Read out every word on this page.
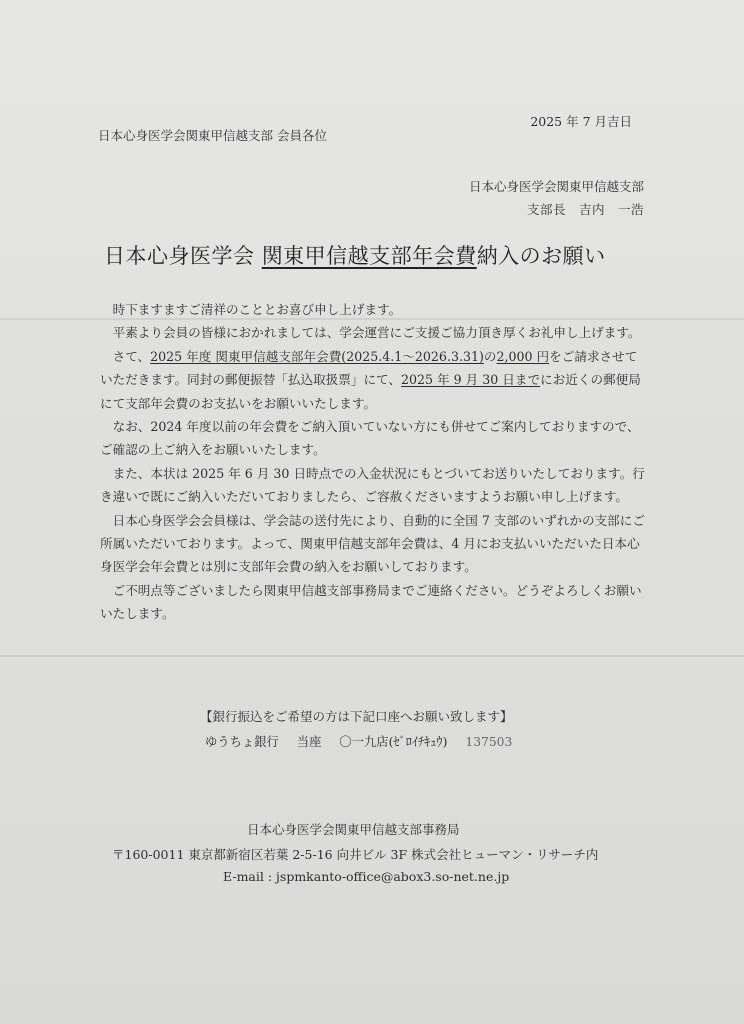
2025 年 7 月吉日
日本心身医学会関東甲信越支部 会員各位
日本心身医学会関東甲信越支部
支部長　吉内　一浩
日本心身医学会 関東甲信越支部年会費納入のお願い

時下ますますご清祥のこととお喜び申し上げます。

平素より会員の皆様におかれましては、学会運営にご支援ご協力頂き厚くお礼申し上げます。

さて、2025 年度 関東甲信越支部年会費(2025.4.1～2026.3.31)の2,000 円をご請求させていただきます。同封の郵便振替「払込取扱票」にて、2025 年 9 月 30 日までにお近くの郵便局にて支部年会費のお支払いをお願いいたします。

なお、2024 年度以前の年会費をご納入頂いていない方にも併せてご案内しておりますので、ご確認の上ご納入をお願いいたします。

また、本状は 2025 年 6 月 30 日時点での入金状況にもとづいてお送りいたしております。行き違いで既にご納入いただいておりましたら、ご容赦くださいますようお願い申し上げます。

日本心身医学会会員様は、学会誌の送付先により、自動的に全国 7 支部のいずれかの支部にご所属いただいております。よって、関東甲信越支部年会費は、4 月にお支払いいただいた日本心身医学会年会費とは別に支部年会費の納入をお願いしております。

ご不明点等ございましたら関東甲信越支部事務局までご連絡ください。どうぞよろしくお願いいたします。

【銀行振込をご希望の方は下記口座へお願い致します】
ゆうちょ銀行 当座 〇一九店(ｾﾞﾛｲﾁｷｭｳ) 137503
日本心身医学会関東甲信越支部事務局
〒160-0011 東京都新宿区若葉 2-5-16 向井ビル 3F 株式会社ヒューマン・リサーチ内
E-mail : jspmkanto-office@abox3.so-net.ne.jp
